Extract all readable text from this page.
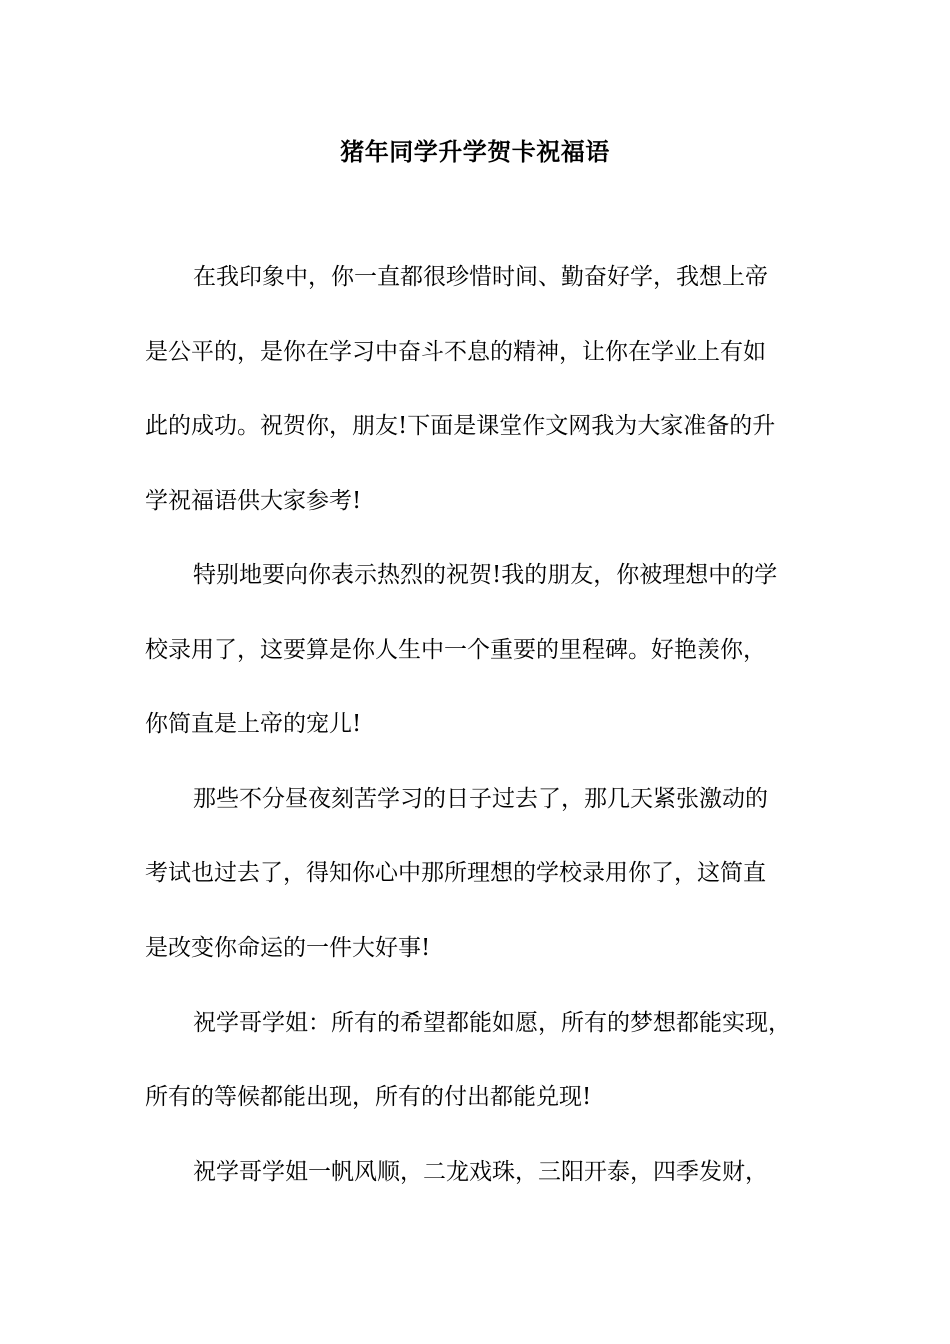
猪年同学升学贺卡祝福语
在我印象中，你一直都很珍惜时间、勤奋好学，我想上帝
是公平的，是你在学习中奋斗不息的精神，让你在学业上有如
此的成功。祝贺你，朋友!下面是课堂作文网我为大家准备的升
学祝福语供大家参考!
特别地要向你表示热烈的祝贺!我的朋友，你被理想中的学
校录用了，这要算是你人生中一个重要的里程碑。好艳羡你，
你简直是上帝的宠儿!
那些不分昼夜刻苦学习的日子过去了，那几天紧张激动的
考试也过去了，得知你心中那所理想的学校录用你了，这简直
是改变你命运的一件大好事!
祝学哥学姐：所有的希望都能如愿，所有的梦想都能实现，
所有的等候都能出现，所有的付出都能兑现!
祝学哥学姐一帆风顺，二龙戏珠，三阳开泰，四季发财，
